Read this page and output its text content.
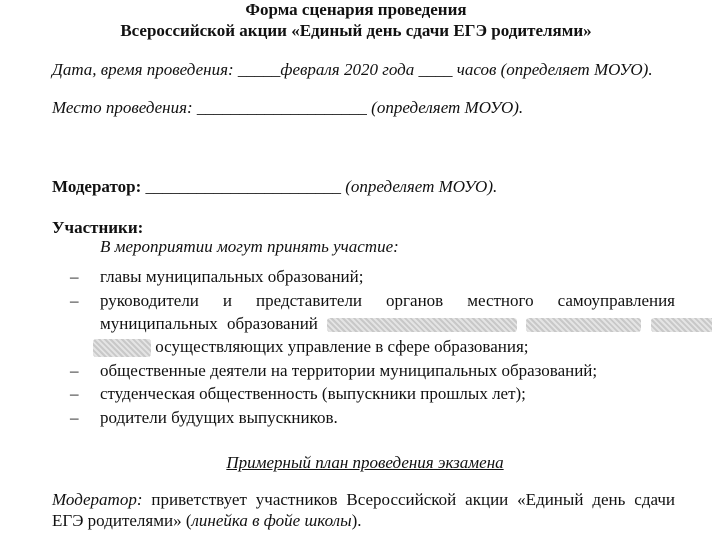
Форма сценария проведения
Всероссийской акции «Единый день сдачи ЕГЭ родителями»
Дата, время проведения: _____февраля 2020 года ____ часов (определяет МОУО).
Место проведения: ____________________ (определяет МОУО).
Модератор: _______________________ (определяет МОУО).
Участники:
В мероприятии могут принять участие:
– главы муниципальных образований;
– руководители и представители органов местного самоуправления
муниципальных образований
осуществляющих управление в сфере образования;
– общественные деятели на территории муниципальных образований;
– студенческая общественность (выпускники прошлых лет);
– родители будущих выпускников.
Примерный план проведения экзамена
Модератор: приветствует участников Всероссийской акции «Единый день сдачи
ЕГЭ родителями» (линейка в фойе школы).
